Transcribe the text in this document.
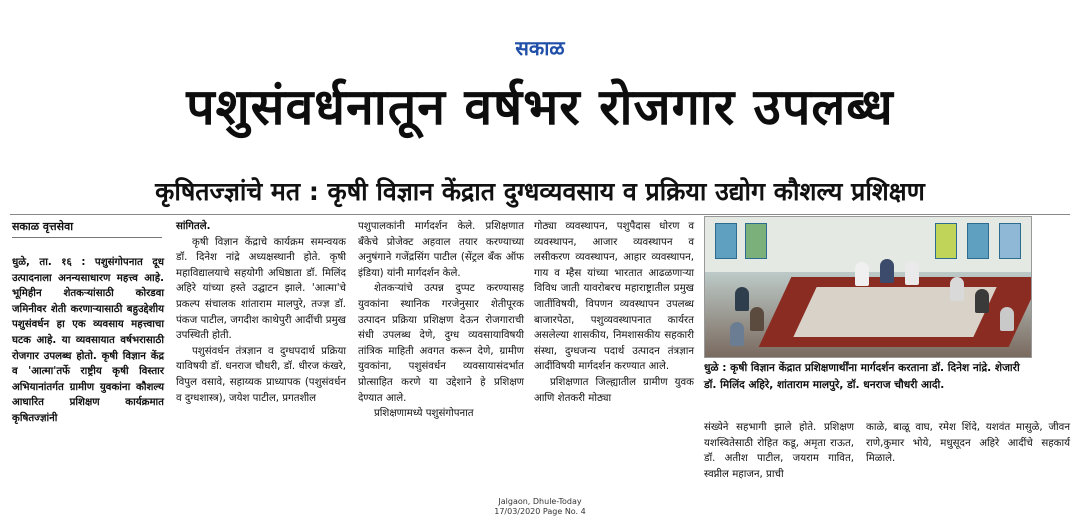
सकाळ
पशुसंवर्धनातून वर्षभर रोजगार उपलब्ध
कृषितज्ज्ञांचे मत : कृषी विज्ञान केंद्रात दुग्धव्यवसाय व प्रक्रिया उद्योग कौशल्य प्रशिक्षण
सकाळ वृत्तसेवा

धुळे, ता. १६ : पशुसंगोपनात दूध उत्पादनाला अनन्यसाधारण महत्त्व आहे. भूमिहीन शेतकऱ्यांसाठी कोरडवा जमिनीवर शेती करणाऱ्यासाठी बहुउद्देशीय पशुसंवर्धन हा एक व्यवसाय महत्त्वाचा घटक आहे. या व्यवसायात वर्षभरासाठी रोजगार उपलब्ध होतो. कृषी विज्ञान केंद्र व 'आत्मा'तर्फे राष्ट्रीय कृषी विस्तार अभियानांतर्गत ग्रामीण युवकांना कौशल्य आधारित प्रशिक्षण कार्यक्रमात कृषितज्ज्ञांनी

सांगितले.

कृषी विज्ञान केंद्राचे कार्यक्रम समन्वयक डॉ. दिनेश नांद्रे अध्यक्षस्थानी होते. कृषी महाविद्यालयाचे सहयोगी अधिष्ठाता डॉ. मिलिंद अहिरे यांच्या हस्ते उद्घाटन झाले. 'आत्मा'चे प्रकल्प संचालक शांताराम मालपुरे, तज्ज्ञ डॉ. पंकज पाटील, जगदीश काथेपुरी आदींची प्रमुख उपस्थिती होती.

पशुसंवर्धन तंत्रज्ञान व दुग्धपदार्थ प्रक्रिया याविषयी डॉ. धनराज चौधरी, डॉ. धीरज कंखरे, विपुल वसावे, सहाय्यक प्राध्यापक (पशुसंवर्धन व दुग्धशास्त्र), जयेश पाटील, प्रगतशील

पशुपालकांनी मार्गदर्शन केले. प्रशिक्षणात बँकेचे प्रोजेक्ट अहवाल तयार करण्याच्या अनुषंगाने गजेंद्रसिंग पाटील (सेंट्रल बँक ऑफ इंडिया) यांनी मार्गदर्शन केले.

शेतकऱ्यांचे उत्पन्न दुप्पट करण्यासह युवकांना स्थानिक गरजेनुसार शेतीपूरक उत्पादन प्रक्रिया प्रशिक्षण देऊन रोजगाराची संधी उपलब्ध देणे, दुग्ध व्यवसायाविषयी तांत्रिक माहिती अवगत करून देणे, ग्रामीण युवकांना, पशुसंवर्धन व्यवसायासंदर्भात प्रोत्साहित करणे या उद्देशाने हे प्रशिक्षण देण्यात आले.

प्रशिक्षणामध्ये पशुसंगोपनात

गोठ्या व्यवस्थापन, पशुपैदास धोरण व व्यवस्थापन, आजार व्यवस्थापन व लसीकरण व्यवस्थापन, आहार व्यवस्थापन, गाय व म्हैस यांच्या भारतात आढळणाऱ्या विविध जाती यावरोबरच महाराष्ट्रातील प्रमुख जातींविषयी, विपणन व्यवस्थापन उपलब्ध बाजारपेठा, पशुव्यवस्थापनात कार्यरत असलेल्या शासकीय, निमशासकीय सहकारी संस्था, दुग्धजन्य पदार्थ उत्पादन तंत्रज्ञान आदींविषयी मार्गदर्शन करण्यात आले.

प्रशिक्षणात जिल्ह्यातील ग्रामीण युवक आणि शेतकरी मोठ्या

धुळे : कृषी विज्ञान केंद्रात प्रशिक्षणार्थींना मार्गदर्शन करताना डॉ. दिनेश नांद्रे. शेजारी डॉ. मिलिंद अहिरे, शांताराम मालपुरे, डॉ. धनराज चौधरी आदी.

संख्येने सहभागी झाले होते. प्रशिक्षण यशस्वितेसाठी रोहित कडू, अमृता राऊत, डॉ. अतीश पाटील, जयराम गावित, स्वप्नील महाजन, प्राची

काळे, बाळू वाघ, रमेश शिंदे, यशवंत मासुळे, जीवन राणे,कुमार भोये, मधुसूदन अहिरे आदींचे सहकार्य मिळाले.

Jalgaon, Dhule-Today
17/03/2020 Page No. 4
